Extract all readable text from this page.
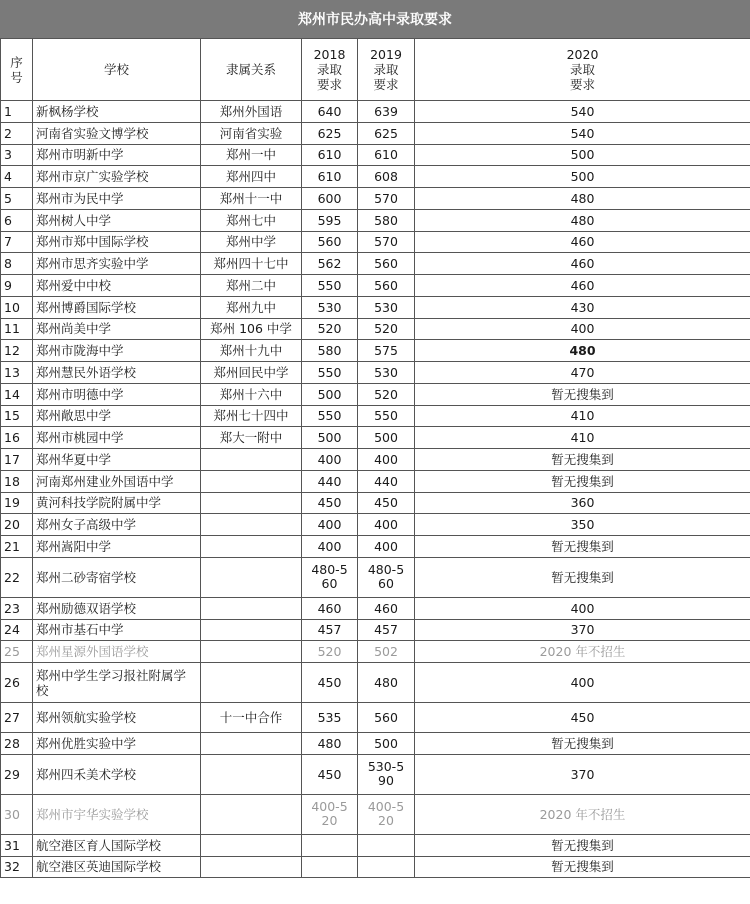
郑州市民办高中录取要求
序
号	学校	隶属关系	2018
录取
要求	2019
录取
要求	2020
录取
要求
1	新枫杨学校	郑州外国语	640	639	540
2	河南省实验文博学校	河南省实验	625	625	540
3	郑州市明新中学	郑州一中	610	610	500
4	郑州市京广实验学校	郑州四中	610	608	500
5	郑州市为民中学	郑州十一中	600	570	480
6	郑州树人中学	郑州七中	595	580	480
7	郑州市郑中国际学校	郑州中学	560	570	460
8	郑州市思齐实验中学	郑州四十七中	562	560	460
9	郑州爱中中校	郑州二中	550	560	460
10	郑州博爵国际学校	郑州九中	530	530	430
11	郑州尚美中学	郑州 106 中学	520	520	400
12	郑州市陇海中学	郑州十九中	580	575	480
13	郑州慧民外语学校	郑州回民中学	550	530	470
14	郑州市明德中学	郑州十六中	500	520	暂无搜集到
15	郑州敞思中学	郑州七十四中	550	550	410
16	郑州市桃园中学	郑大一附中	500	500	410
17	郑州华夏中学		400	400	暂无搜集到
18	河南郑州建业外国语中学		440	440	暂无搜集到
19	黄河科技学院附属中学		450	450	360
20	郑州女子高级中学		400	400	350
21	郑州嵩阳中学		400	400	暂无搜集到
22	郑州二砂寄宿学校		480-5
60	480-5
60	暂无搜集到
23	郑州励德双语学校		460	460	400
24	郑州市基石中学		457	457	370
25	郑州星源外国语学校		520	502	2020 年不招生
26	郑州中学生学习报社附属学校		450	480	400
27	郑州领航实验学校	十一中合作	535	560	450
28	郑州优胜实验中学		480	500	暂无搜集到
29	郑州四禾美术学校		450	530-5
90	370
30	郑州市宇华实验学校		400-5
20	400-5
20	2020 年不招生
31	航空港区育人国际学校				暂无搜集到
32	航空港区英迪国际学校				暂无搜集到
